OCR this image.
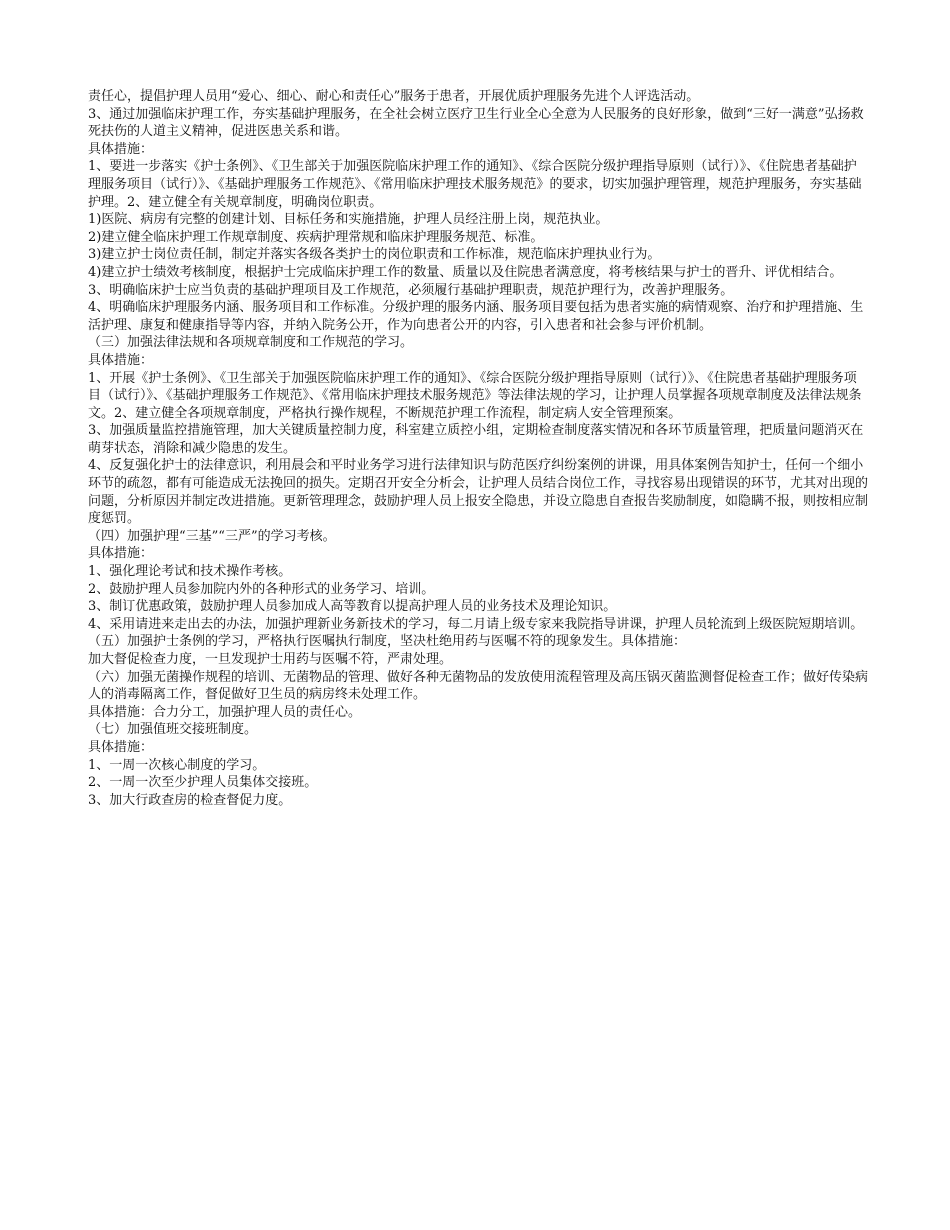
责任心，提倡护理人员用“爱心、细心、耐心和责任心”服务于患者，开展优质护理服务先进个人评选活动。

3、通过加强临床护理工作，夯实基础护理服务，在全社会树立医疗卫生行业全心全意为人民服务的良好形象，做到“三好一满意”弘扬救死扶伤的人道主义精神，促进医患关系和谐。

具体措施：

1、要进一步落实《护士条例》、《卫生部关于加强医院临床护理工作的通知》、《综合医院分级护理指导原则（试行）》、《住院患者基础护理服务项目（试行）》、《基础护理服务工作规范》、《常用临床护理技术服务规范》的要求，切实加强护理管理，规范护理服务，夯实基础护理。2、建立健全有关规章制度，明确岗位职责。

1)医院、病房有完整的创建计划、目标任务和实施措施，护理人员经注册上岗，规范执业。

2)建立健全临床护理工作规章制度、疾病护理常规和临床护理服务规范、标准。

3)建立护士岗位责任制，制定并落实各级各类护士的岗位职责和工作标准，规范临床护理执业行为。

4)建立护士绩效考核制度，根据护士完成临床护理工作的数量、质量以及住院患者满意度，将考核结果与护士的晋升、评优相结合。

3、明确临床护士应当负责的基础护理项目及工作规范，必须履行基础护理职责，规范护理行为，改善护理服务。

4、明确临床护理服务内涵、服务项目和工作标准。分级护理的服务内涵、服务项目要包括为患者实施的病情观察、治疗和护理措施、生活护理、康复和健康指导等内容，并纳入院务公开，作为向患者公开的内容，引入患者和社会参与评价机制。

（三）加强法律法规和各项规章制度和工作规范的学习。

具体措施：

1、开展《护士条例》、《卫生部关于加强医院临床护理工作的通知》、《综合医院分级护理指导原则（试行）》、《住院患者基础护理服务项目（试行）》、《基础护理服务工作规范》、《常用临床护理技术服务规范》等法律法规的学习，让护理人员掌握各项规章制度及法律法规条文。2、建立健全各项规章制度，严格执行操作规程，不断规范护理工作流程，制定病人安全管理预案。

3、加强质量监控措施管理，加大关键质量控制力度，科室建立质控小组，定期检查制度落实情况和各环节质量管理，把质量问题消灭在萌芽状态，消除和减少隐患的发生。

4、反复强化护士的法律意识，利用晨会和平时业务学习进行法律知识与防范医疗纠纷案例的讲课，用具体案例告知护士，任何一个细小环节的疏忽，都有可能造成无法挽回的损失。定期召开安全分析会，让护理人员结合岗位工作，寻找容易出现错误的环节，尤其对出现的问题，分析原因并制定改进措施。更新管理理念，鼓励护理人员上报安全隐患，并设立隐患自查报告奖励制度，如隐瞒不报，则按相应制度惩罚。

（四）加强护理“三基”“三严”的学习考核。

具体措施：

1、强化理论考试和技术操作考核。

2、鼓励护理人员参加院内外的各种形式的业务学习、培训。

3、制订优惠政策，鼓励护理人员参加成人高等教育以提高护理人员的业务技术及理论知识。

4、采用请进来走出去的办法，加强护理新业务新技术的学习，每二月请上级专家来我院指导讲课，护理人员轮流到上级医院短期培训。

（五）加强护士条例的学习，严格执行医嘱执行制度，坚决杜绝用药与医嘱不符的现象发生。具体措施：

加大督促检查力度，一旦发现护士用药与医嘱不符，严肃处理。

（六）加强无菌操作规程的培训、无菌物品的管理、做好各种无菌物品的发放使用流程管理及高压锅灭菌监测督促检查工作；做好传染病人的消毒隔离工作，督促做好卫生员的病房终未处理工作。

具体措施：合力分工，加强护理人员的责任心。

（七）加强值班交接班制度。

具体措施：

1、一周一次核心制度的学习。

2、一周一次至少护理人员集体交接班。

3、加大行政查房的检查督促力度。
